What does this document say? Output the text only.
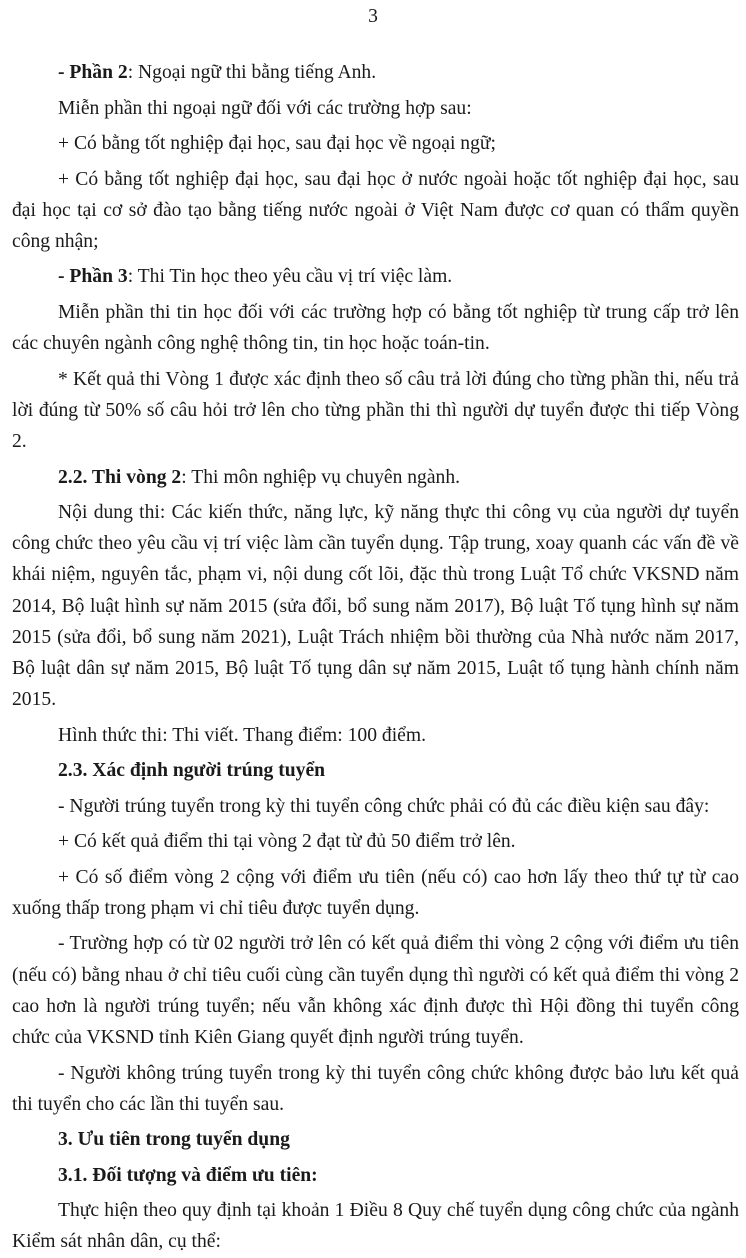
3

- Phần 2: Ngoại ngữ thi bằng tiếng Anh.

Miễn phần thi ngoại ngữ đối với các trường hợp sau:

+ Có bằng tốt nghiệp đại học, sau đại học về ngoại ngữ;

+ Có bằng tốt nghiệp đại học, sau đại học ở nước ngoài hoặc tốt nghiệp đại học, sau đại học tại cơ sở đào tạo bằng tiếng nước ngoài ở Việt Nam được cơ quan có thẩm quyền công nhận;

- Phần 3: Thi Tin học theo yêu cầu vị trí việc làm.

Miễn phần thi tin học đối với các trường hợp có bằng tốt nghiệp từ trung cấp trở lên các chuyên ngành công nghệ thông tin, tin học hoặc toán-tin.

* Kết quả thi Vòng 1 được xác định theo số câu trả lời đúng cho từng phần thi, nếu trả lời đúng từ 50% số câu hỏi trở lên cho từng phần thi thì người dự tuyển được thi tiếp Vòng 2.

2.2. Thi vòng 2: Thi môn nghiệp vụ chuyên ngành.

Nội dung thi: Các kiến thức, năng lực, kỹ năng thực thi công vụ của người dự tuyển công chức theo yêu cầu vị trí việc làm cần tuyển dụng. Tập trung, xoay quanh các vấn đề về khái niệm, nguyên tắc, phạm vi, nội dung cốt lõi, đặc thù trong Luật Tổ chức VKSND năm 2014, Bộ luật hình sự năm 2015 (sửa đổi, bổ sung năm 2017), Bộ luật Tố tụng hình sự năm 2015 (sửa đổi, bổ sung năm 2021), Luật Trách nhiệm bồi thường của Nhà nước năm 2017, Bộ luật dân sự năm 2015, Bộ luật Tố tụng dân sự năm 2015, Luật tố tụng hành chính năm 2015.

Hình thức thi: Thi viết. Thang điểm: 100 điểm.

2.3. Xác định người trúng tuyển

- Người trúng tuyển trong kỳ thi tuyển công chức phải có đủ các điều kiện sau đây:

+ Có kết quả điểm thi tại vòng 2 đạt từ đủ 50 điểm trở lên.

+ Có số điểm vòng 2 cộng với điểm ưu tiên (nếu có) cao hơn lấy theo thứ tự từ cao xuống thấp trong phạm vi chỉ tiêu được tuyển dụng.

- Trường hợp có từ 02 người trở lên có kết quả điểm thi vòng 2 cộng với điểm ưu tiên (nếu có) bằng nhau ở chỉ tiêu cuối cùng cần tuyển dụng thì người có kết quả điểm thi vòng 2 cao hơn là người trúng tuyển; nếu vẫn không xác định được thì Hội đồng thi tuyển công chức của VKSND tỉnh Kiên Giang quyết định người trúng tuyển.

- Người không trúng tuyển trong kỳ thi tuyển công chức không được bảo lưu kết quả thi tuyển cho các lần thi tuyển sau.

3. Ưu tiên trong tuyển dụng

3.1. Đối tượng và điểm ưu tiên:

Thực hiện theo quy định tại khoản 1 Điều 8 Quy chế tuyển dụng công chức của ngành Kiểm sát nhân dân, cụ thể:
